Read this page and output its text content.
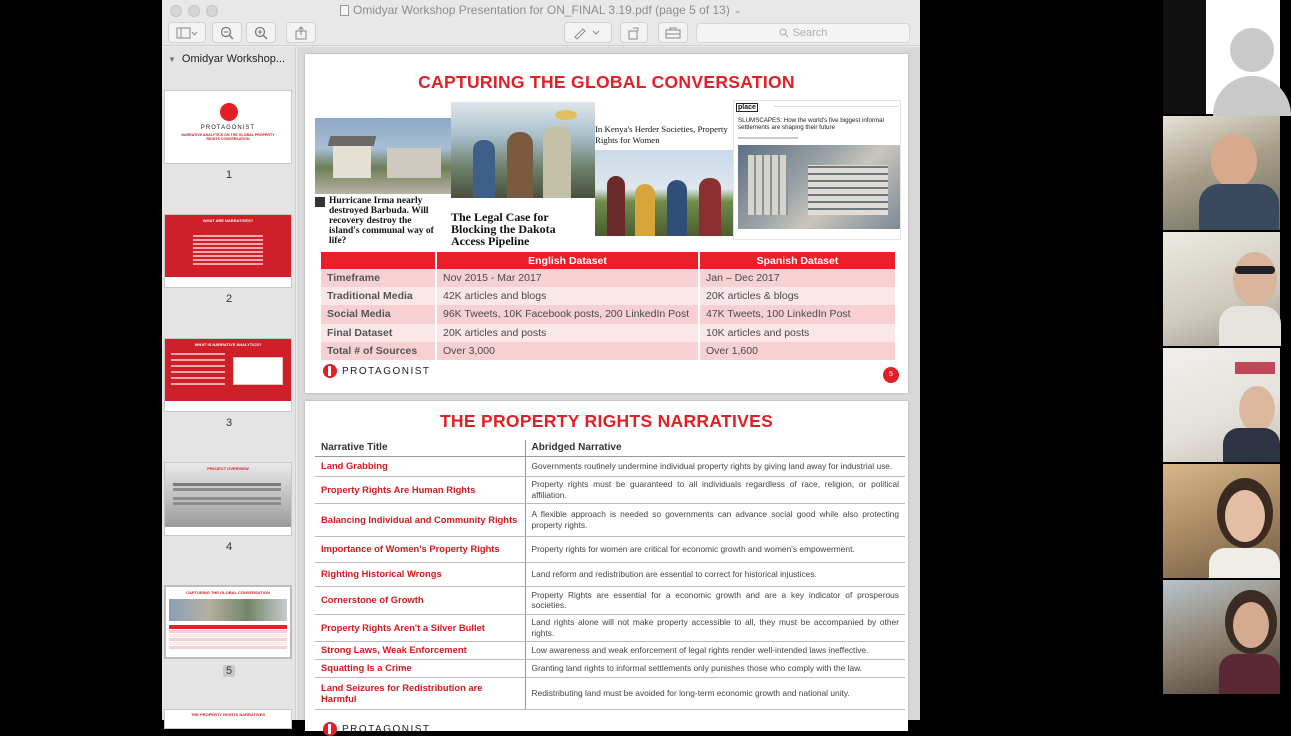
Omidyar Workshop Presentation for ON_FINAL 3.19.pdf (page 5 of 13) ⌄
Search
▼ Omidyar Workshop...
PROTAGONIST
NARRATIVE ANALYTICS ON THE GLOBAL PROPERTY RIGHTS CONVERSATION
1
WHAT ARE NARRATIVES?
2
WHAT IS NARRATIVE ANALYTICS?
3
PROJECT OVERVIEW
4
CAPTURING THE GLOBAL CONVERSATION
5
THE PROPERTY RIGHTS NARRATIVES
CAPTURING THE GLOBAL CONVERSATION
Hurricane Irma nearly destroyed Barbuda. Will recovery destroy the island's communal way of life?
The Legal Case for Blocking the Dakota Access Pipeline
In Kenya's Herder Societies, Property Rights for Women
place
SLUMSCAPES: How the world's five biggest informal settlements are shaping their future
	English Dataset	Spanish Dataset
Timeframe	Nov 2015 - Mar 2017	Jan – Dec 2017
Traditional Media	42K articles and blogs	20K articles & blogs
Social Media	96K Tweets, 10K Facebook posts, 200 LinkedIn Post	47K Tweets, 100 LinkedIn Post
Final Dataset	20K articles and posts	10K articles and posts
Total # of Sources	Over 3,000	Over 1,600
PROTAGONIST	5
THE PROPERTY RIGHTS NARRATIVES
Narrative Title	Abridged Narrative
Land Grabbing	Governments routinely undermine individual property rights by giving land away for industrial use.
Property Rights Are Human Rights	Property rights must be guaranteed to all individuals regardless of race, religion, or political affiliation.
Balancing Individual and Community Rights	A flexible approach is needed so governments can advance social good while also protecting property rights.
Importance of Women's Property Rights	Property rights for women are critical for economic growth and women's empowerment.
Righting Historical Wrongs	Land reform and redistribution are essential to correct for historical injustices.
Cornerstone of Growth	Property Rights are essential for a economic growth and are a key indicator of prosperous societies.
Property Rights Aren't a Silver Bullet	Land rights alone will not make property accessible to all, they must be accompanied by other rights.
Strong Laws, Weak Enforcement	Low awareness and weak enforcement of legal rights render well-intended laws ineffective.
Squatting Is a Crime	Granting land rights to informal settlements only punishes those who comply with the law.
Land Seizures for Redistribution are Harmful	Redistributing land must be avoided for long-term economic growth and national unity.
PROTAGONIST
